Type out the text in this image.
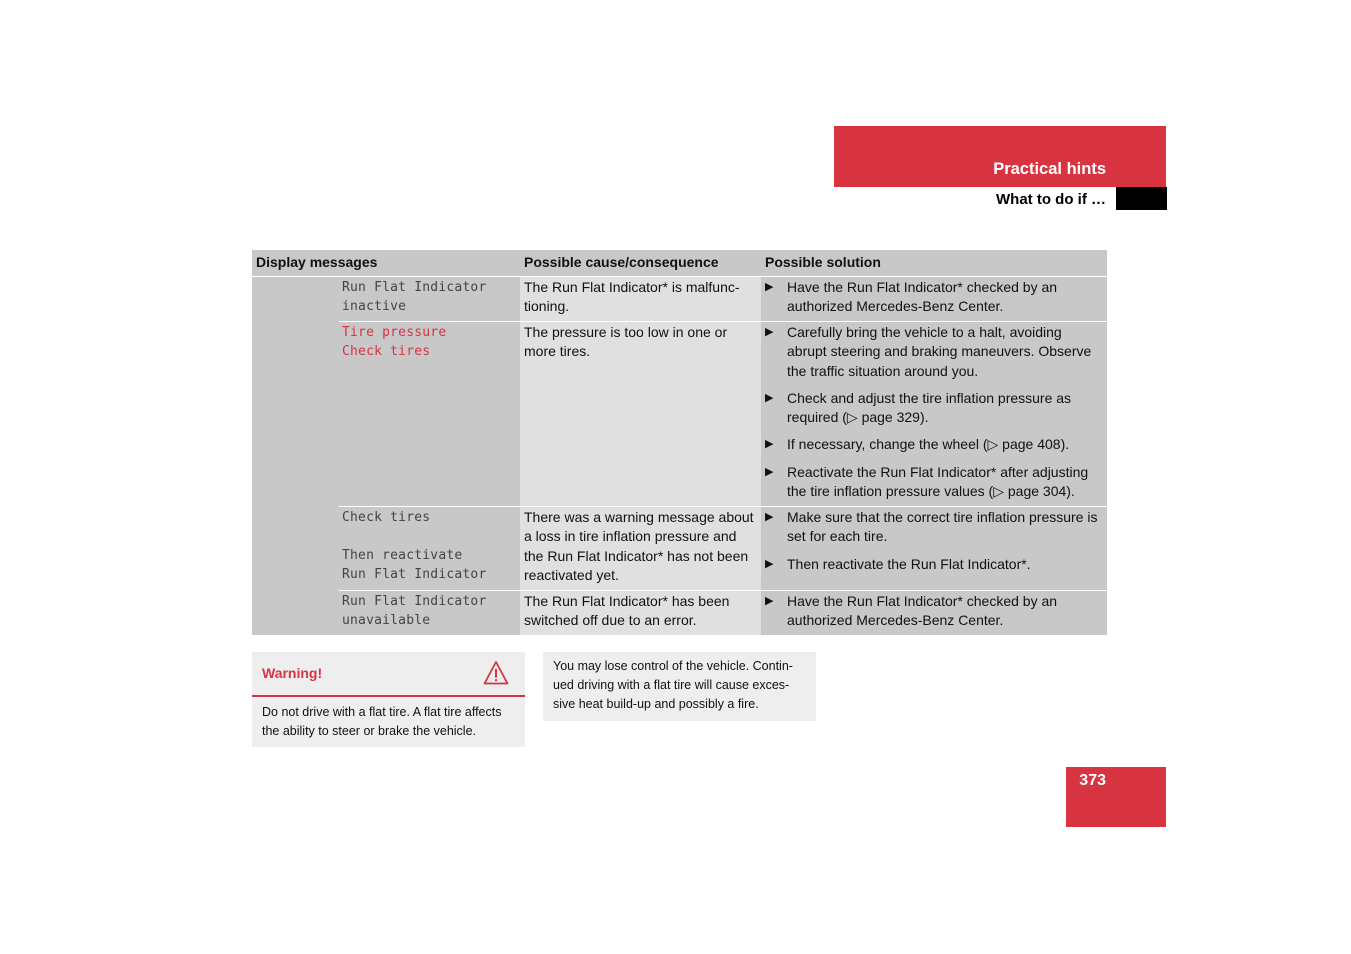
Practical hints
What to do if …
Display messages	Possible cause/consequence	Possible solution
Run Flat Indicator
inactive
The Run Flat Indicator* is malfunc-tioning.
▶ Have the Run Flat Indicator* checked by an authorized Mercedes-Benz Center.
Tire pressure
Check tires
The pressure is too low in one or more tires.
▶ Carefully bring the vehicle to a halt, avoiding abrupt steering and braking maneuvers. Observe the traffic situation around you.
▶ Check and adjust the tire inflation pressure as required (▷ page 329).
▶ If necessary, change the wheel (▷ page 408).
▶ Reactivate the Run Flat Indicator* after adjusting the tire inflation pressure values (▷ page 304).
Check tires
Then reactivate
Run Flat Indicator
There was a warning message about a loss in tire inflation pressure and the Run Flat Indicator* has not been reactivated yet.
▶ Make sure that the correct tire inflation pressure is set for each tire.
▶ Then reactivate the Run Flat Indicator*.
Run Flat Indicator
unavailable
The Run Flat Indicator* has been switched off due to an error.
▶ Have the Run Flat Indicator* checked by an authorized Mercedes-Benz Center.
Warning!
Do not drive with a flat tire. A flat tire affects the ability to steer or brake the vehicle.
You may lose control of the vehicle. Contin-ued driving with a flat tire will cause exces-sive heat build-up and possibly a fire.
373
